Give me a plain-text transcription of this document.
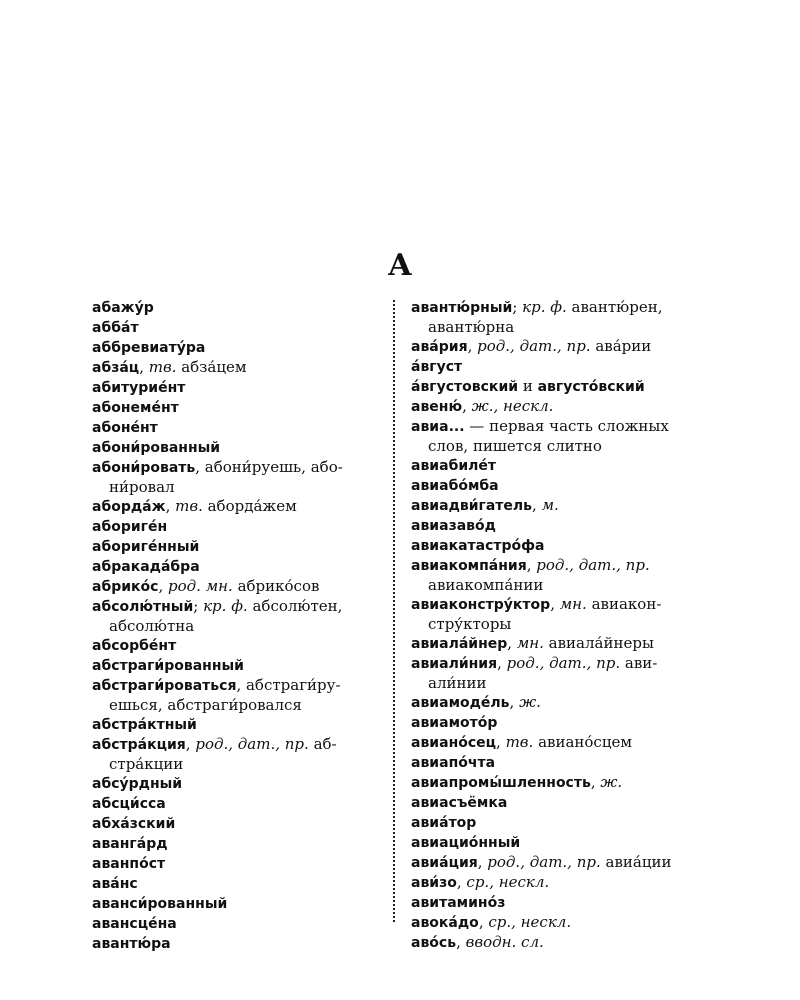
А
абажу́р
абба́т
аббревиату́ра
абза́ц, тв. абза́цем
абитурие́нт
абонеме́нт
абоне́нт
абони́рованный
абони́ровать, абони́руешь, або-
ни́ровал
аборда́ж, тв. аборда́жем
абориге́н
абориге́нный
абракада́бра
абрико́с, род. мн. абрико́сов
абсолю́тный; кр. ф. абсолю́тен,
абсолю́тна
абсорбе́нт
абстраги́рованный
абстраги́роваться, абстраги́ру-
ешься, абстраги́ровался
абстра́ктный
абстра́кция, род., дат., пр. аб-
стра́кции
абсу́рдный
абсци́сса
абха́зский
аванга́рд
аванпо́ст
ава́нс
аванси́рованный
авансце́на
авантю́ра
авантю́рный; кр. ф. авантю́рен,
авантю́рна
ава́рия, род., дат., пр. ава́рии
а́вгуст
а́вгустовский и августо́вский
авеню́, ж., нескл.
авиа... — первая часть сложных
слов, пишется слитно
авиабиле́т
авиабо́мба
авиадви́гатель, м.
авиазаво́д
авиакатастро́фа
авиакомпа́ния, род., дат., пр.
авиакомпа́нии
авиаконстру́ктор, мн. авиакон-
стру́кторы
авиала́йнер, мн. авиала́йнеры
авиали́ния, род., дат., пр. ави-
али́нии
авиамоде́ль, ж.
авиамото́р
авиано́сец, тв. авиано́сцем
авиапо́чта
авиапромы́шленность, ж.
авиасъёмка
авиа́тор
авиацио́нный
авиа́ция, род., дат., пр. авиа́ции
ави́зо, ср., нескл.
авитамино́з
авока́до, ср., нескл.
аво́сь, вводн. сл.
